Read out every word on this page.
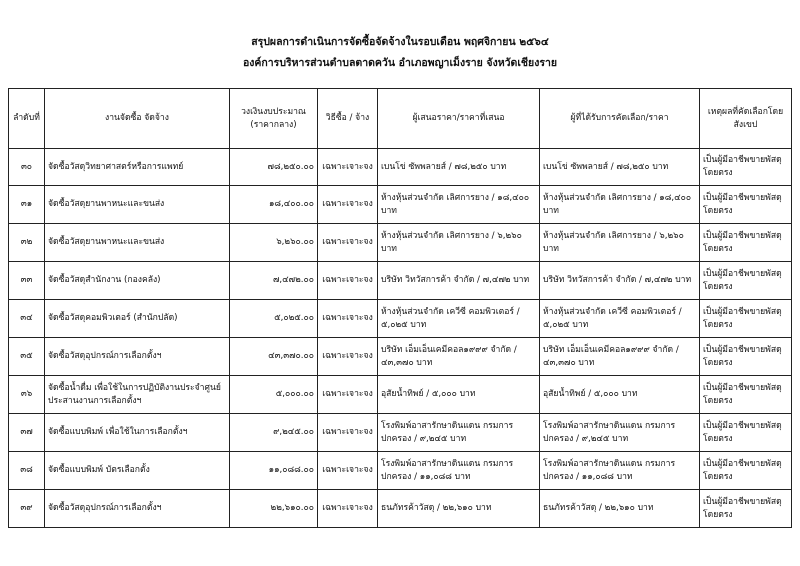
สรุปผลการดำเนินการจัดซื้อจัดจ้างในรอบเดือน พฤศจิกายน ๒๕๖๔
องค์การบริหารส่วนตำบลตาดควัน อำเภอพญาเม็งราย จังหวัดเชียงราย
ลำดับที่	งานจัดซื้อ จัดจ้าง	วงเงินงบประมาณ (ราคากลาง)	วิธีซื้อ / จ้าง	ผู้เสนอราคา/ราคาที่เสนอ	ผู้ที่ได้รับการคัดเลือก/ราคา	เหตุผลที่คัดเลือกโดยสังเขป
๓๐	จัดซื้อวัสดุวิทยาศาสตร์หรือการแพทย์	๗๘,๒๕๐.๐๐	เฉพาะเจาะจง	เบนโข่ ซัพพลายส์ / ๗๘,๒๕๐ บาท	เบนโข่ ซัพพลายส์ / ๗๘,๒๕๐ บาท	เป็นผู้มีอาชีพขายพัสดุโดยตรง
๓๑	จัดซื้อวัสดุยานพาหนะและขนส่ง	๑๘,๔๐๐.๐๐	เฉพาะเจาะจง	ห้างหุ้นส่วนจำกัด เลิศการยาง / ๑๘,๔๐๐ บาท	ห้างหุ้นส่วนจำกัด เลิศการยาง / ๑๘,๔๐๐ บาท	เป็นผู้มีอาชีพขายพัสดุโดยตรง
๓๒	จัดซื้อวัสดุยานพาหนะและขนส่ง	๖,๒๖๐.๐๐	เฉพาะเจาะจง	ห้างหุ้นส่วนจำกัด เลิศการยาง / ๖,๒๖๐ บาท	ห้างหุ้นส่วนจำกัด เลิศการยาง / ๖,๒๖๐ บาท	เป็นผู้มีอาชีพขายพัสดุโดยตรง
๓๓	จัดซื้อวัสดุสำนักงาน (กองคลัง)	๗,๔๗๒.๐๐	เฉพาะเจาะจง	บริษัท วิทวัสการค้า จำกัด / ๗,๔๗๒ บาท	บริษัท วิทวัสการค้า จำกัด / ๗,๔๗๒ บาท	เป็นผู้มีอาชีพขายพัสดุโดยตรง
๓๔	จัดซื้อวัสดุคอมพิวเตอร์ (สำนักปลัด)	๕,๐๒๕.๐๐	เฉพาะเจาะจง	ห้างหุ้นส่วนจำกัด เควีซี คอมพิวเตอร์ / ๕,๐๒๕ บาท	ห้างหุ้นส่วนจำกัด เควีซี คอมพิวเตอร์ / ๕,๐๒๕ บาท	เป็นผู้มีอาชีพขายพัสดุโดยตรง
๓๕	จัดซื้อวัสดุอุปกรณ์การเลือกตั้งฯ	๔๓,๓๗๐.๐๐	เฉพาะเจาะจง	บริษัท เอ็มเอ็นเคมีคอล๑๙๙๙ จำกัด / ๔๓,๓๗๐ บาท	บริษัท เอ็มเอ็นเคมีคอล๑๙๙๙ จำกัด / ๔๓,๓๗๐ บาท	เป็นผู้มีอาชีพขายพัสดุโดยตรง
๓๖	จัดซื้อน้ำดื่ม เพื่อใช้ในการปฏิบัติงานประจำศูนย์ประสานงานการเลือกตั้งฯ	๕,๐๐๐.๐๐	เฉพาะเจาะจง	อุสัยน้ำทิพย์ / ๕,๐๐๐ บาท	อุสัยน้ำทิพย์ / ๕,๐๐๐ บาท	เป็นผู้มีอาชีพขายพัสดุโดยตรง
๓๗	จัดซื้อแบบพิมพ์ เพื่อใช้ในการเลือกตั้งฯ	๙,๒๔๕.๐๐	เฉพาะเจาะจง	โรงพิมพ์อาสารักษาดินแดน กรมการปกครอง / ๙,๒๔๕ บาท	โรงพิมพ์อาสารักษาดินแดน กรมการปกครอง / ๙,๒๔๕ บาท	เป็นผู้มีอาชีพขายพัสดุโดยตรง
๓๘	จัดซื้อแบบพิมพ์ บัตรเลือกตั้ง	๑๑,๐๘๘.๐๐	เฉพาะเจาะจง	โรงพิมพ์อาสารักษาดินแดน กรมการปกครอง / ๑๑,๐๘๘ บาท	โรงพิมพ์อาสารักษาดินแดน กรมการปกครอง / ๑๑,๐๘๘ บาท	เป็นผู้มีอาชีพขายพัสดุโดยตรง
๓๙	จัดซื้อวัสดุอุปกรณ์การเลือกตั้งฯ	๒๒,๖๑๐.๐๐	เฉพาะเจาะจง	ธนภัทรค้าวัสดุ / ๒๒,๖๑๐ บาท	ธนภัทรค้าวัสดุ / ๒๒,๖๑๐ บาท	เป็นผู้มีอาชีพขายพัสดุโดยตรง
